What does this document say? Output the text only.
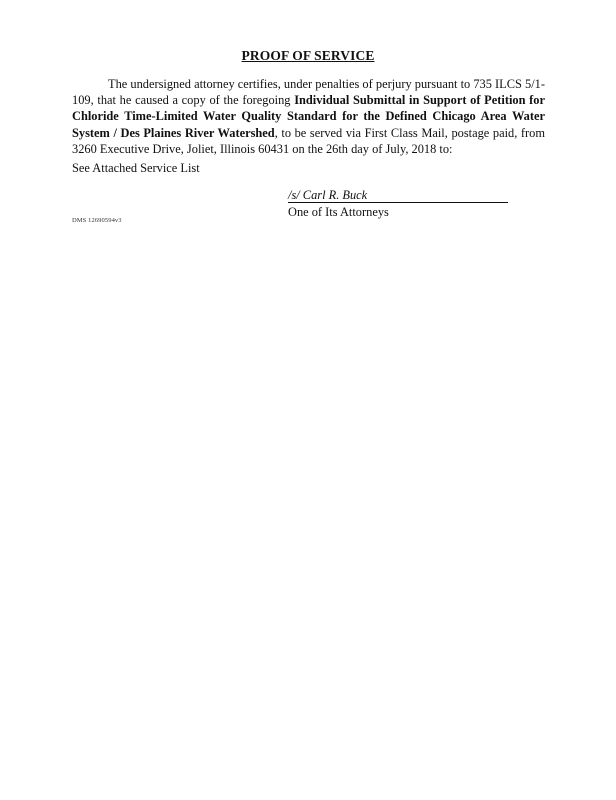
PROOF OF SERVICE

The undersigned attorney certifies, under penalties of perjury pursuant to 735 ILCS 5/1-109, that he caused a copy of the foregoing Individual Submittal in Support of Petition for Chloride Time-Limited Water Quality Standard for the Defined Chicago Area Water System / Des Plaines River Watershed, to be served via First Class Mail, postage paid, from 3260 Executive Drive, Joliet, Illinois 60431 on the 26th day of July, 2018 to:

See Attached Service List
/s/ Carl R. Buck
One of Its Attorneys
DMS 12690594v3
